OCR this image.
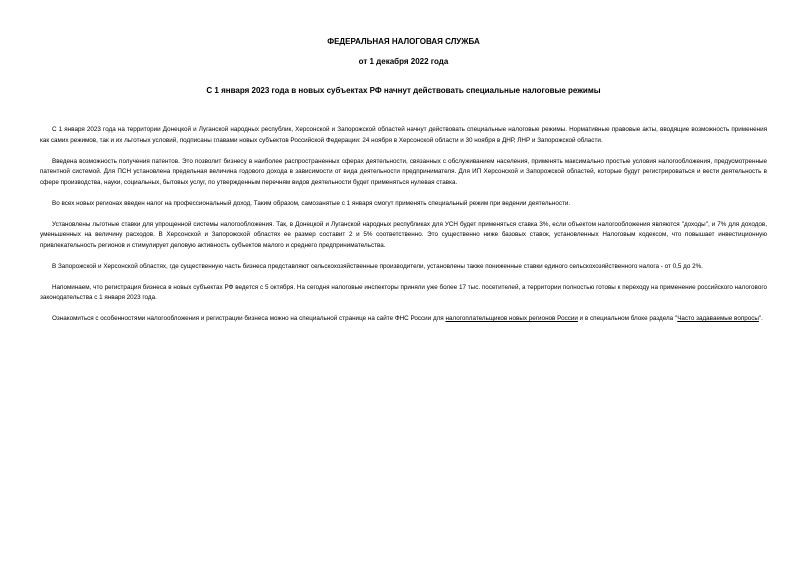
ФЕДЕРАЛЬНАЯ НАЛОГОВАЯ СЛУЖБА
от 1 декабря 2022 года
С 1 января 2023 года в новых субъектах РФ начнут действовать специальные налоговые режимы

С 1 января 2023 года на территории Донецкой и Луганской народных республик, Херсонской и Запорожской областей начнут действовать специальные налоговые режимы. Нормативные правовые акты, вводящие возможность применения как самих режимов, так и их льготных условий, подписаны главами новых субъектов Российской Федерации: 24 ноября в Херсонской области и 30 ноября в ДНР, ЛНР и Запорожской области.

Введена возможность получения патентов. Это позволит бизнесу в наиболее распространенных сферах деятельности, связанных с обслуживанием населения, применять максимально простые условия налогообложения, предусмотренные патентной системой. Для ПСН установлена предельная величина годового дохода в зависимости от вида деятельности предпринимателя. Для ИП Херсонской и Запорожской областей, которые будут регистрироваться и вести деятельность в сфере производства, науки, социальных, бытовых услуг, по утвержденным перечням видов деятельности будет применяться нулевая ставка.

Во всех новых регионах введен налог на профессиональный доход. Таким образом, самозанятые с 1 января смогут применять специальный режим при ведении деятельности.

Установлены льготные ставки для упрощенной системы налогообложения. Так, в Донецкой и Луганской народных республиках для УСН будет применяться ставка 3%, если объектом налогообложения являются "доходы", и 7% для доходов, уменьшенных на величину расходов. В Херсонской и Запорожской областях ее размер составит 2 и 5% соответственно. Это существенно ниже базовых ставок, установленных Налоговым кодексом, что повышает инвестиционную привлекательность регионов и стимулирует деловую активность субъектов малого и среднего предпринимательства.

В Запорожской и Херсонской областях, где существенную часть бизнеса представляют сельскохозяйственные производители, установлены также пониженные ставки единого сельскохозяйственного налога - от 0,5 до 2%.

Напоминаем, что регистрация бизнеса в новых субъектах РФ ведется с 5 октября. На сегодня налоговые инспекторы приняли уже более 17 тыс. посетителей, а территории полностью готовы к переходу на применение российского налогового законодательства с 1 января 2023 года.

Ознакомиться с особенностями налогообложения и регистрации бизнеса можно на специальной странице на сайте ФНС России для налогоплательщиков новых регионов России и в специальном блоке раздела "Часто задаваемые вопросы".
